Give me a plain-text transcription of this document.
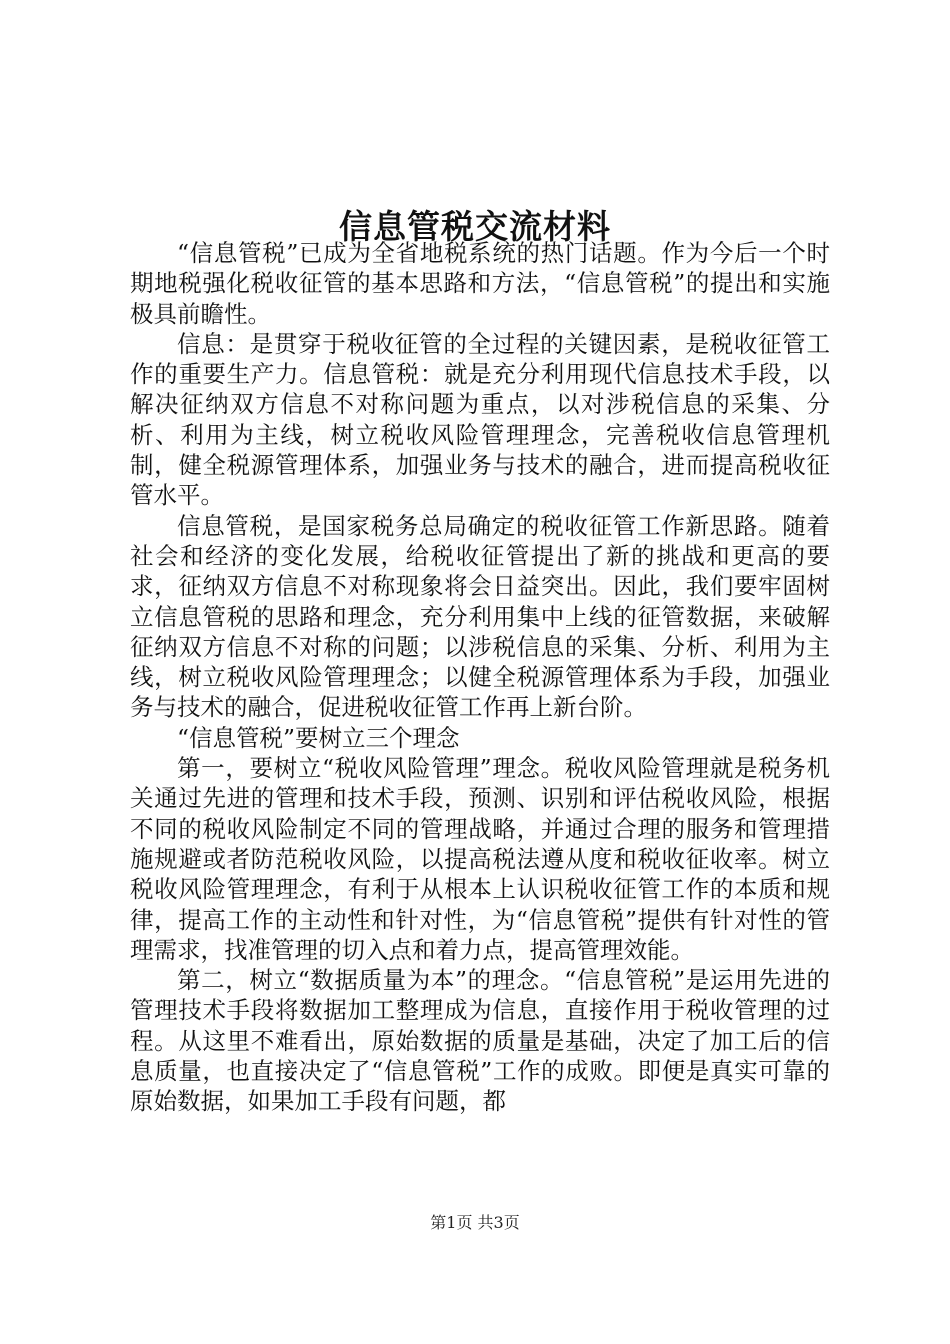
信息管税交流材料

“信息管税”已成为全省地税系统的热门话题。作为今后一个时期地税强化税收征管的基本思路和方法，“信息管税”的提出和实施极具前瞻性。

信息：是贯穿于税收征管的全过程的关键因素，是税收征管工作的重要生产力。信息管税：就是充分利用现代信息技术手段，以解决征纳双方信息不对称问题为重点，以对涉税信息的采集、分析、利用为主线，树立税收风险管理理念，完善税收信息管理机制，健全税源管理体系，加强业务与技术的融合，进而提高税收征管水平。

信息管税，是国家税务总局确定的税收征管工作新思路。随着社会和经济的变化发展，给税收征管提出了新的挑战和更高的要求，征纳双方信息不对称现象将会日益突出。因此，我们要牢固树立信息管税的思路和理念，充分利用集中上线的征管数据，来破解征纳双方信息不对称的问题；以涉税信息的采集、分析、利用为主线，树立税收风险管理理念；以健全税源管理体系为手段，加强业务与技术的融合，促进税收征管工作再上新台阶。

“信息管税”要树立三个理念

第一，要树立“税收风险管理”理念。税收风险管理就是税务机关通过先进的管理和技术手段，预测、识别和评估税收风险，根据不同的税收风险制定不同的管理战略，并通过合理的服务和管理措施规避或者防范税收风险，以提高税法遵从度和税收征收率。树立税收风险管理理念，有利于从根本上认识税收征管工作的本质和规律，提高工作的主动性和针对性，为“信息管税”提供有针对性的管理需求，找准管理的切入点和着力点，提高管理效能。

第二，树立“数据质量为本”的理念。“信息管税”是运用先进的管理技术手段将数据加工整理成为信息，直接作用于税收管理的过程。从这里不难看出，原始数据的质量是基础，决定了加工后的信息质量，也直接决定了“信息管税”工作的成败。即便是真实可靠的原始数据，如果加工手段有问题，都

第1页 共3页
